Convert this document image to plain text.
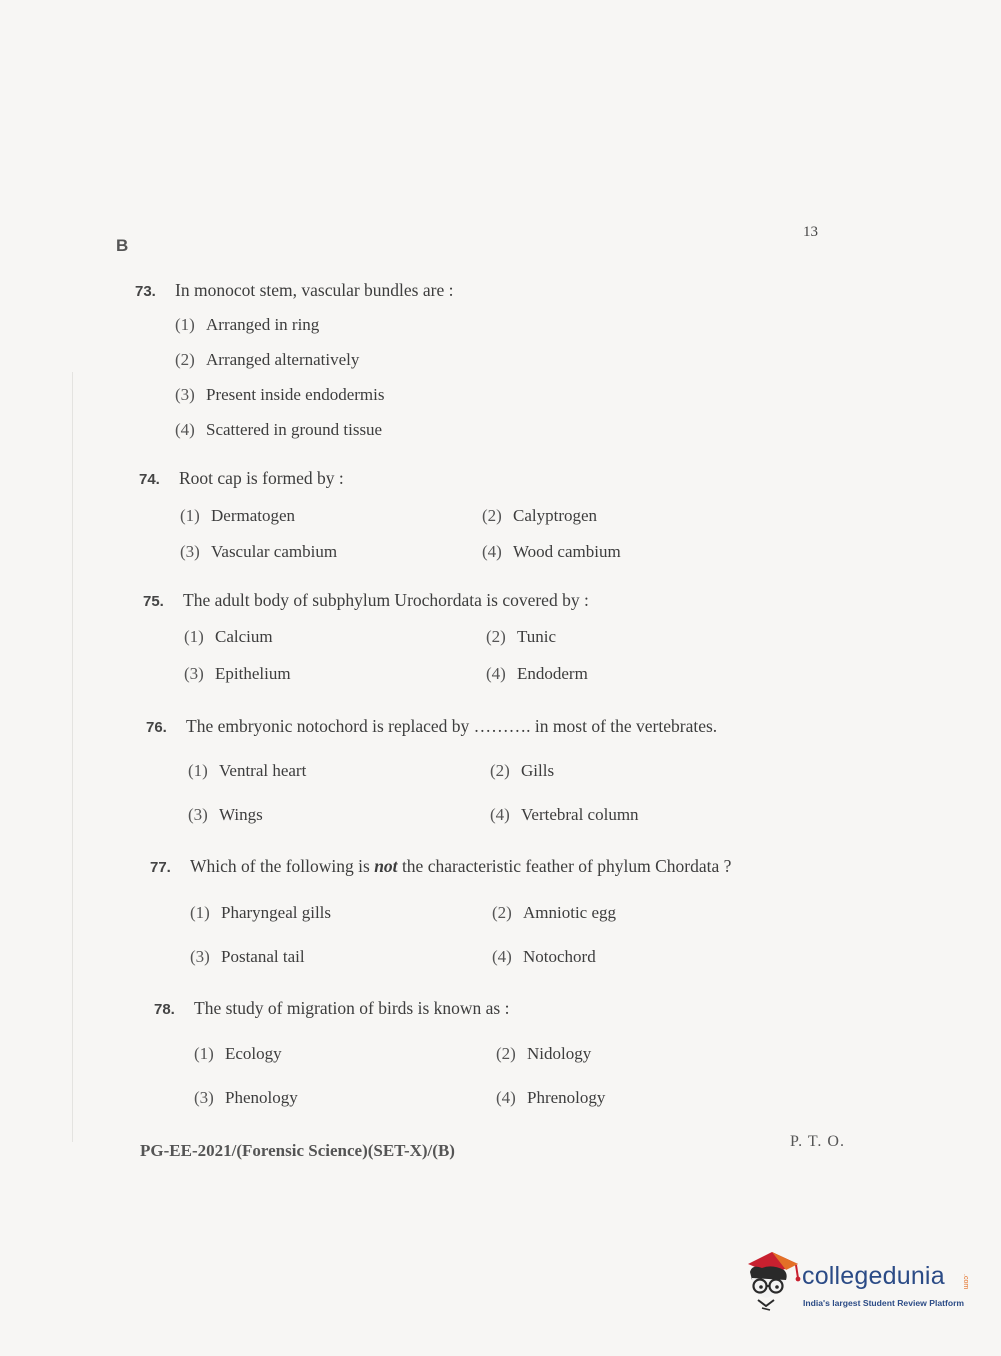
B
13
73.	In monocot stem, vascular bundles are :
(1) Arranged in ring
(2) Arranged alternatively
(3) Present inside endodermis
(4) Scattered in ground tissue
74.	Root cap is formed by :
(1) Dermatogen	(2) Calyptrogen
(3) Vascular cambium	(4) Wood cambium
75.	The adult body of subphylum Urochordata is covered by :
(1) Calcium	(2) Tunic
(3) Epithelium	(4) Endoderm
76.	The embryonic notochord is replaced by ………. in most of the vertebrates.
(1) Ventral heart	(2) Gills
(3) Wings	(4) Vertebral column
77.	Which of the following is not the characteristic feather of phylum Chordata ?
(1) Pharyngeal gills	(2) Amniotic egg
(3) Postanal tail	(4) Notochord
78.	The study of migration of birds is known as :
(1) Ecology	(2) Nidology
(3) Phenology	(4) Phrenology
PG-EE-2021/(Forensic Science)(SET-X)/(B)	P. T. O.
collegedunia .com
India's largest Student Review Platform
